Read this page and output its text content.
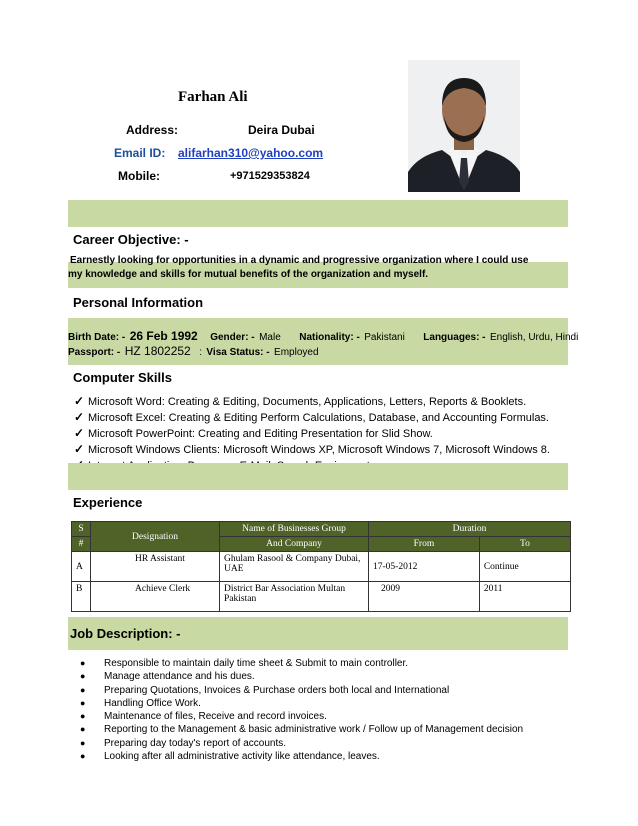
Farhan Ali
Address:	Deira Dubai
Email ID: alifarhan310@yahoo.com
Mobile:	+971529353824
Career Objective: -
Earnestly looking for opportunities in a dynamic and progressive organization where I could use
my knowledge and skills for mutual benefits of the organization and myself.
Personal Information
Birth Date: - 26 Feb 1992 Gender: - Male Nationality: - Pakistani Languages: - English, Urdu, Hindi
Passport: - HZ 1802252 : Visa Status: - Employed
Computer Skills
✓ Microsoft Word: Creating & Editing, Documents, Applications, Letters, Reports & Booklets.
✓ Microsoft Excel: Creating & Editing Perform Calculations, Database, and Accounting Formulas.
✓ Microsoft PowerPoint: Creating and Editing Presentation for Slid Show.
✓ Microsoft Windows Clients: Microsoft Windows XP, Microsoft Windows 7, Microsoft Windows 8.
Experience
S	Designation	Name of Businesses Group	Duration	
#		And Company	From	To
A	HR Assistant	Ghulam Rasool & Company Dubai, UAE	17-05-2012	Continue
B	Achieve Clerk	District Bar Association Multan Pakistan	2009	2011
Job Description: -
● Responsible to maintain daily time sheet & Submit to main controller.
● Manage attendance and his dues.
● Preparing Quotations, Invoices & Purchase orders both local and International
● Handling Office Work.
● Maintenance of files, Receive and record invoices.
● Reporting to the Management & basic administrative work / Follow up of Management decision
● Preparing day today's report of accounts.
● Looking after all administrative activity like attendance, leaves.
